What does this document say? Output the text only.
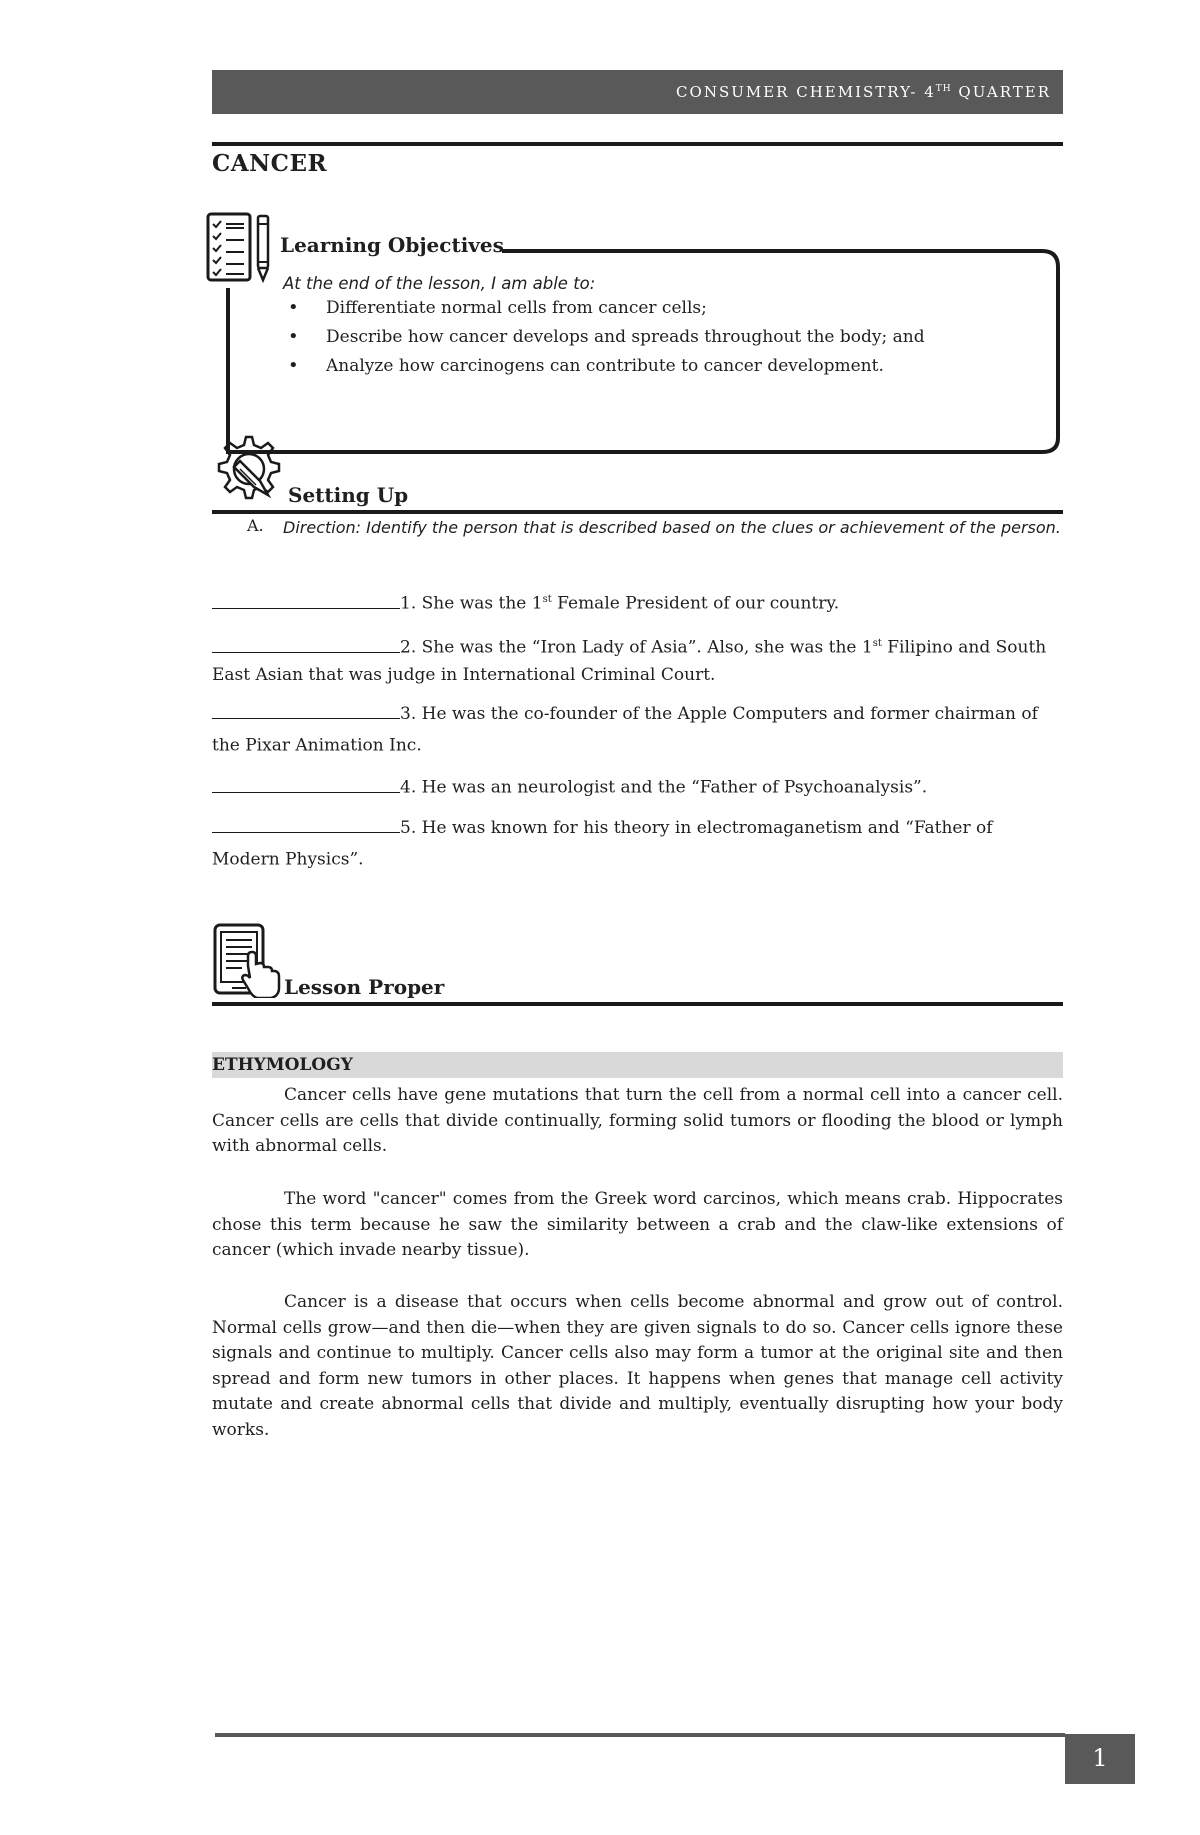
CONSUMER CHEMISTRY- 4TH QUARTER
CANCER
Learning Objectives
At the end of the lesson, I am able to:
• Differentiate normal cells from cancer cells;
• Describe how cancer develops and spreads throughout the body; and
• Analyze how carcinogens can contribute to cancer development.
Setting Up
A. Direction: Identify the person that is described based on the clues or achievement of the person.
1. She was the 1st Female President of our country.
2. She was the “Iron Lady of Asia”. Also, she was the 1st Filipino and South East Asian that was judge in International Criminal Court.
3. He was the co-founder of the Apple Computers and former chairman of the Pixar Animation Inc.
4. He was an neurologist and the “Father of Psychoanalysis”.
5. He was known for his theory in electromaganetism and “Father of Modern Physics”.
Lesson Proper
ETHYMOLOGY
Cancer cells have gene mutations that turn the cell from a normal cell into a cancer cell. Cancer cells are cells that divide continually, forming solid tumors or flooding the blood or lymph with abnormal cells.
The word "cancer" comes from the Greek word carcinos, which means crab. Hippocrates chose this term because he saw the similarity between a crab and the claw-like extensions of cancer (which invade nearby tissue).
Cancer is a disease that occurs when cells become abnormal and grow out of control. Normal cells grow—and then die—when they are given signals to do so. Cancer cells ignore these signals and continue to multiply. Cancer cells also may form a tumor at the original site and then spread and form new tumors in other places. It happens when genes that manage cell activity mutate and create abnormal cells that divide and multiply, eventually disrupting how your body works.
1
